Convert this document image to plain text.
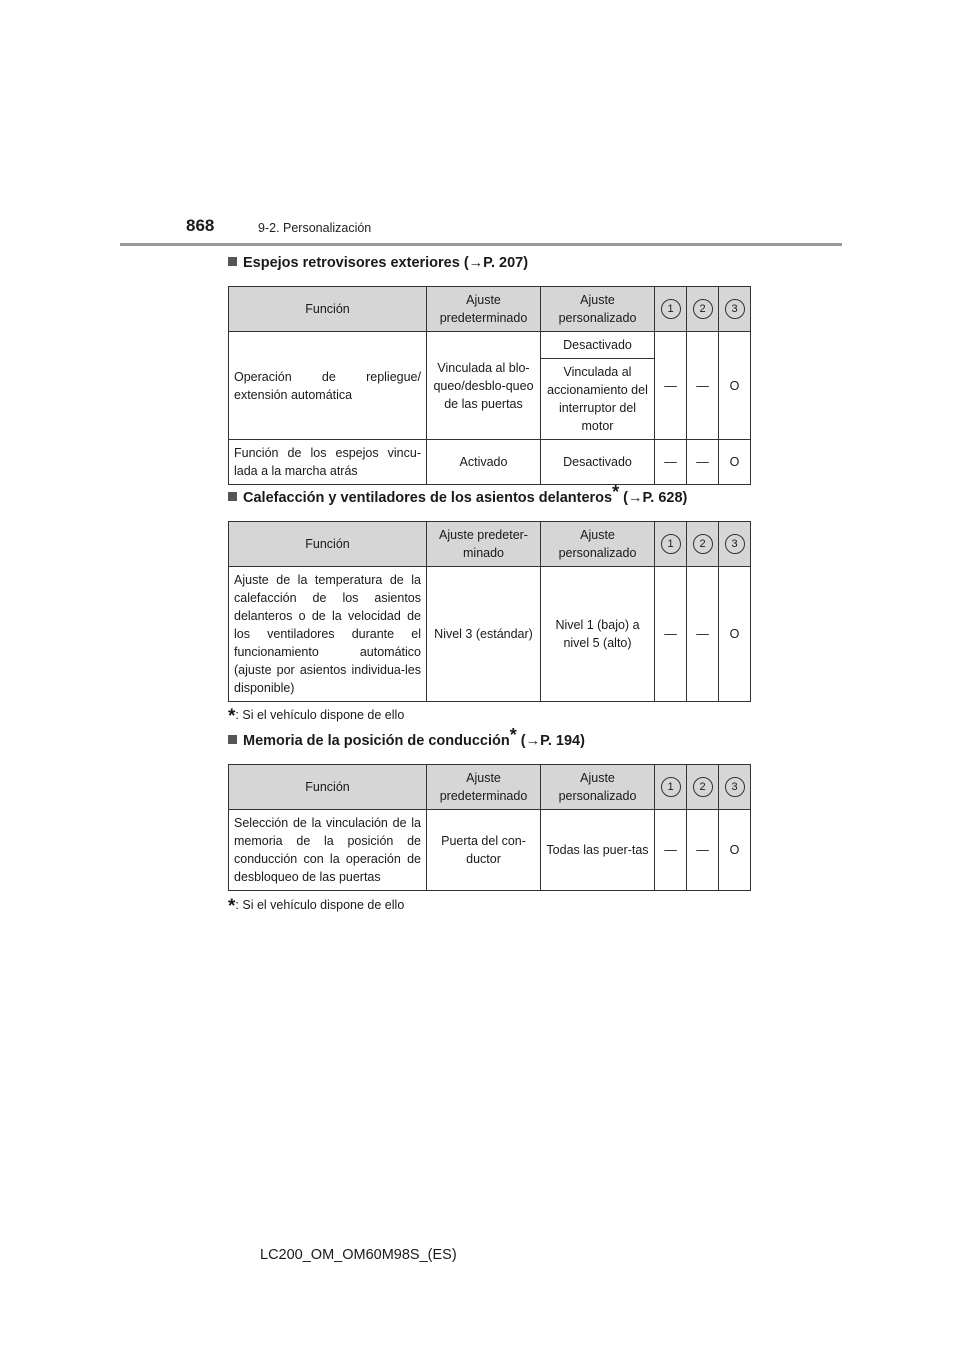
868	9-2. Personalización
Espejos retrovisores exteriores (→P. 207)
Función	Ajuste predeterminado	Ajuste personalizado	1	2	3
Operación de repliegue/ extensión automática	Vinculada al blo-queo/desblo-queo de las puertas	Desactivado	—	—	O
		Vinculada al accionamiento del interruptor del motor			
Función de los espejos vincu-lada a la marcha atrás	Activado	Desactivado	—	—	O
Calefacción y ventiladores de los asientos delanteros* (→P. 628)
Función	Ajuste predeter-minado	Ajuste personalizado	1	2	3
Ajuste de la temperatura de la calefacción de los asientos delanteros o de la velocidad de los ventiladores durante el funcionamiento automático (ajuste por asientos individua-les disponible)	Nivel 3 (estándar)	Nivel 1 (bajo) a nivel 5 (alto)	—	—	O
*: Si el vehículo dispone de ello
Memoria de la posición de conducción* (→P. 194)
Función	Ajuste predeterminado	Ajuste personalizado	1	2	3
Selección de la vinculación de la memoria de la posición de conducción con la operación de desbloqueo de las puertas	Puerta del con-ductor	Todas las puer-tas	—	—	O
*: Si el vehículo dispone de ello
LC200_OM_OM60M98S_(ES)
